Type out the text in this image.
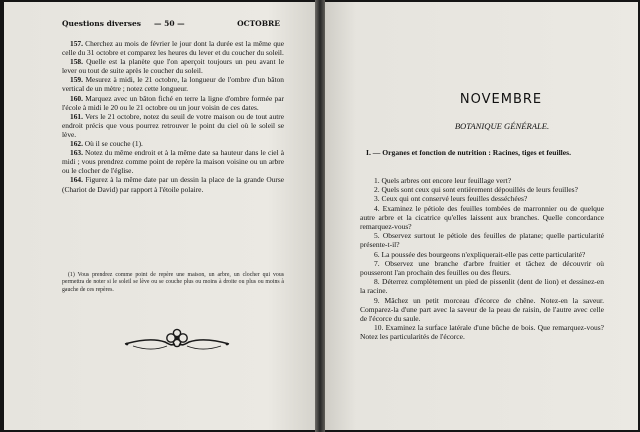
Questions diverses — 50 —	OCTOBRE

157. Cherchez au mois de février le jour dont la durée est la même que celle du 31 octobre et comparez les heures du lever et du coucher du soleil.

158. Quelle est la planète que l'on aperçoit toujours un peu avant le lever ou tout de suite après le coucher du soleil.

159. Mesurez à midi, le 21 octobre, la longueur de l'ombre d'un bâton vertical de un mètre ; notez cette longueur.

160. Marquez avec un bâton fiché en terre la ligne d'ombre formée par l'école à midi le 20 ou le 21 octobre ou un jour voisin de ces dates.

161. Vers le 21 octobre, notez du seuil de votre maison ou de tout autre endroit précis que vous pourrez retrouver le point du ciel où le soleil se lève.

162. Où il se couche (1).

163. Notez du même endroit et à la même date sa hauteur dans le ciel à midi ; vous prendrez comme point de repère la maison voisine ou un arbre ou le clocher de l'église.

164. Figurez à la même date par un dessin la place de la grande Ourse (Chariot de David) par rapport à l'étoile polaire.

(1) Vous prendrez comme point de repère une maison, un arbre, un clocher qui vous permettra de noter si le soleil se lève ou se couche plus ou moins à droite ou plus ou moins à gauche de ces repères.
NOVEMBRE
BOTANIQUE GÉNÉRALE.
I. — Organes et fonction de nutrition : Racines, tiges et feuilles.

1. Quels arbres ont encore leur feuillage vert?

2. Quels sont ceux qui sont entièrement dépouillés de leurs feuilles?

3. Ceux qui ont conservé leurs feuilles desséchées?

4. Examinez le pétiole des feuilles tombées de marronnier ou de quelque autre arbre et la cicatrice qu'elles laissent aux branches. Quelle concordance remarquez-vous?

5. Observez surtout le pétiole des feuilles de platane; quelle particularité présente-t-il?

6. La poussée des bourgeons n'expliquerait-elle pas cette particularité?

7. Observez une branche d'arbre fruitier et tâchez de découvrir où pousseront l'an prochain des feuilles ou des fleurs.

8. Déterrez complètement un pied de pissenlit (dent de lion) et dessinez-en la racine.

9. Mâchez un petit morceau d'écorce de chêne. Notez-en la saveur. Comparez-la d'une part avec la saveur de la peau de raisin, de l'autre avec celle de l'écorce du saule.

10. Examinez la surface latérale d'une bûche de bois. Que remarquez-vous? Notez les particularités de l'écorce.
